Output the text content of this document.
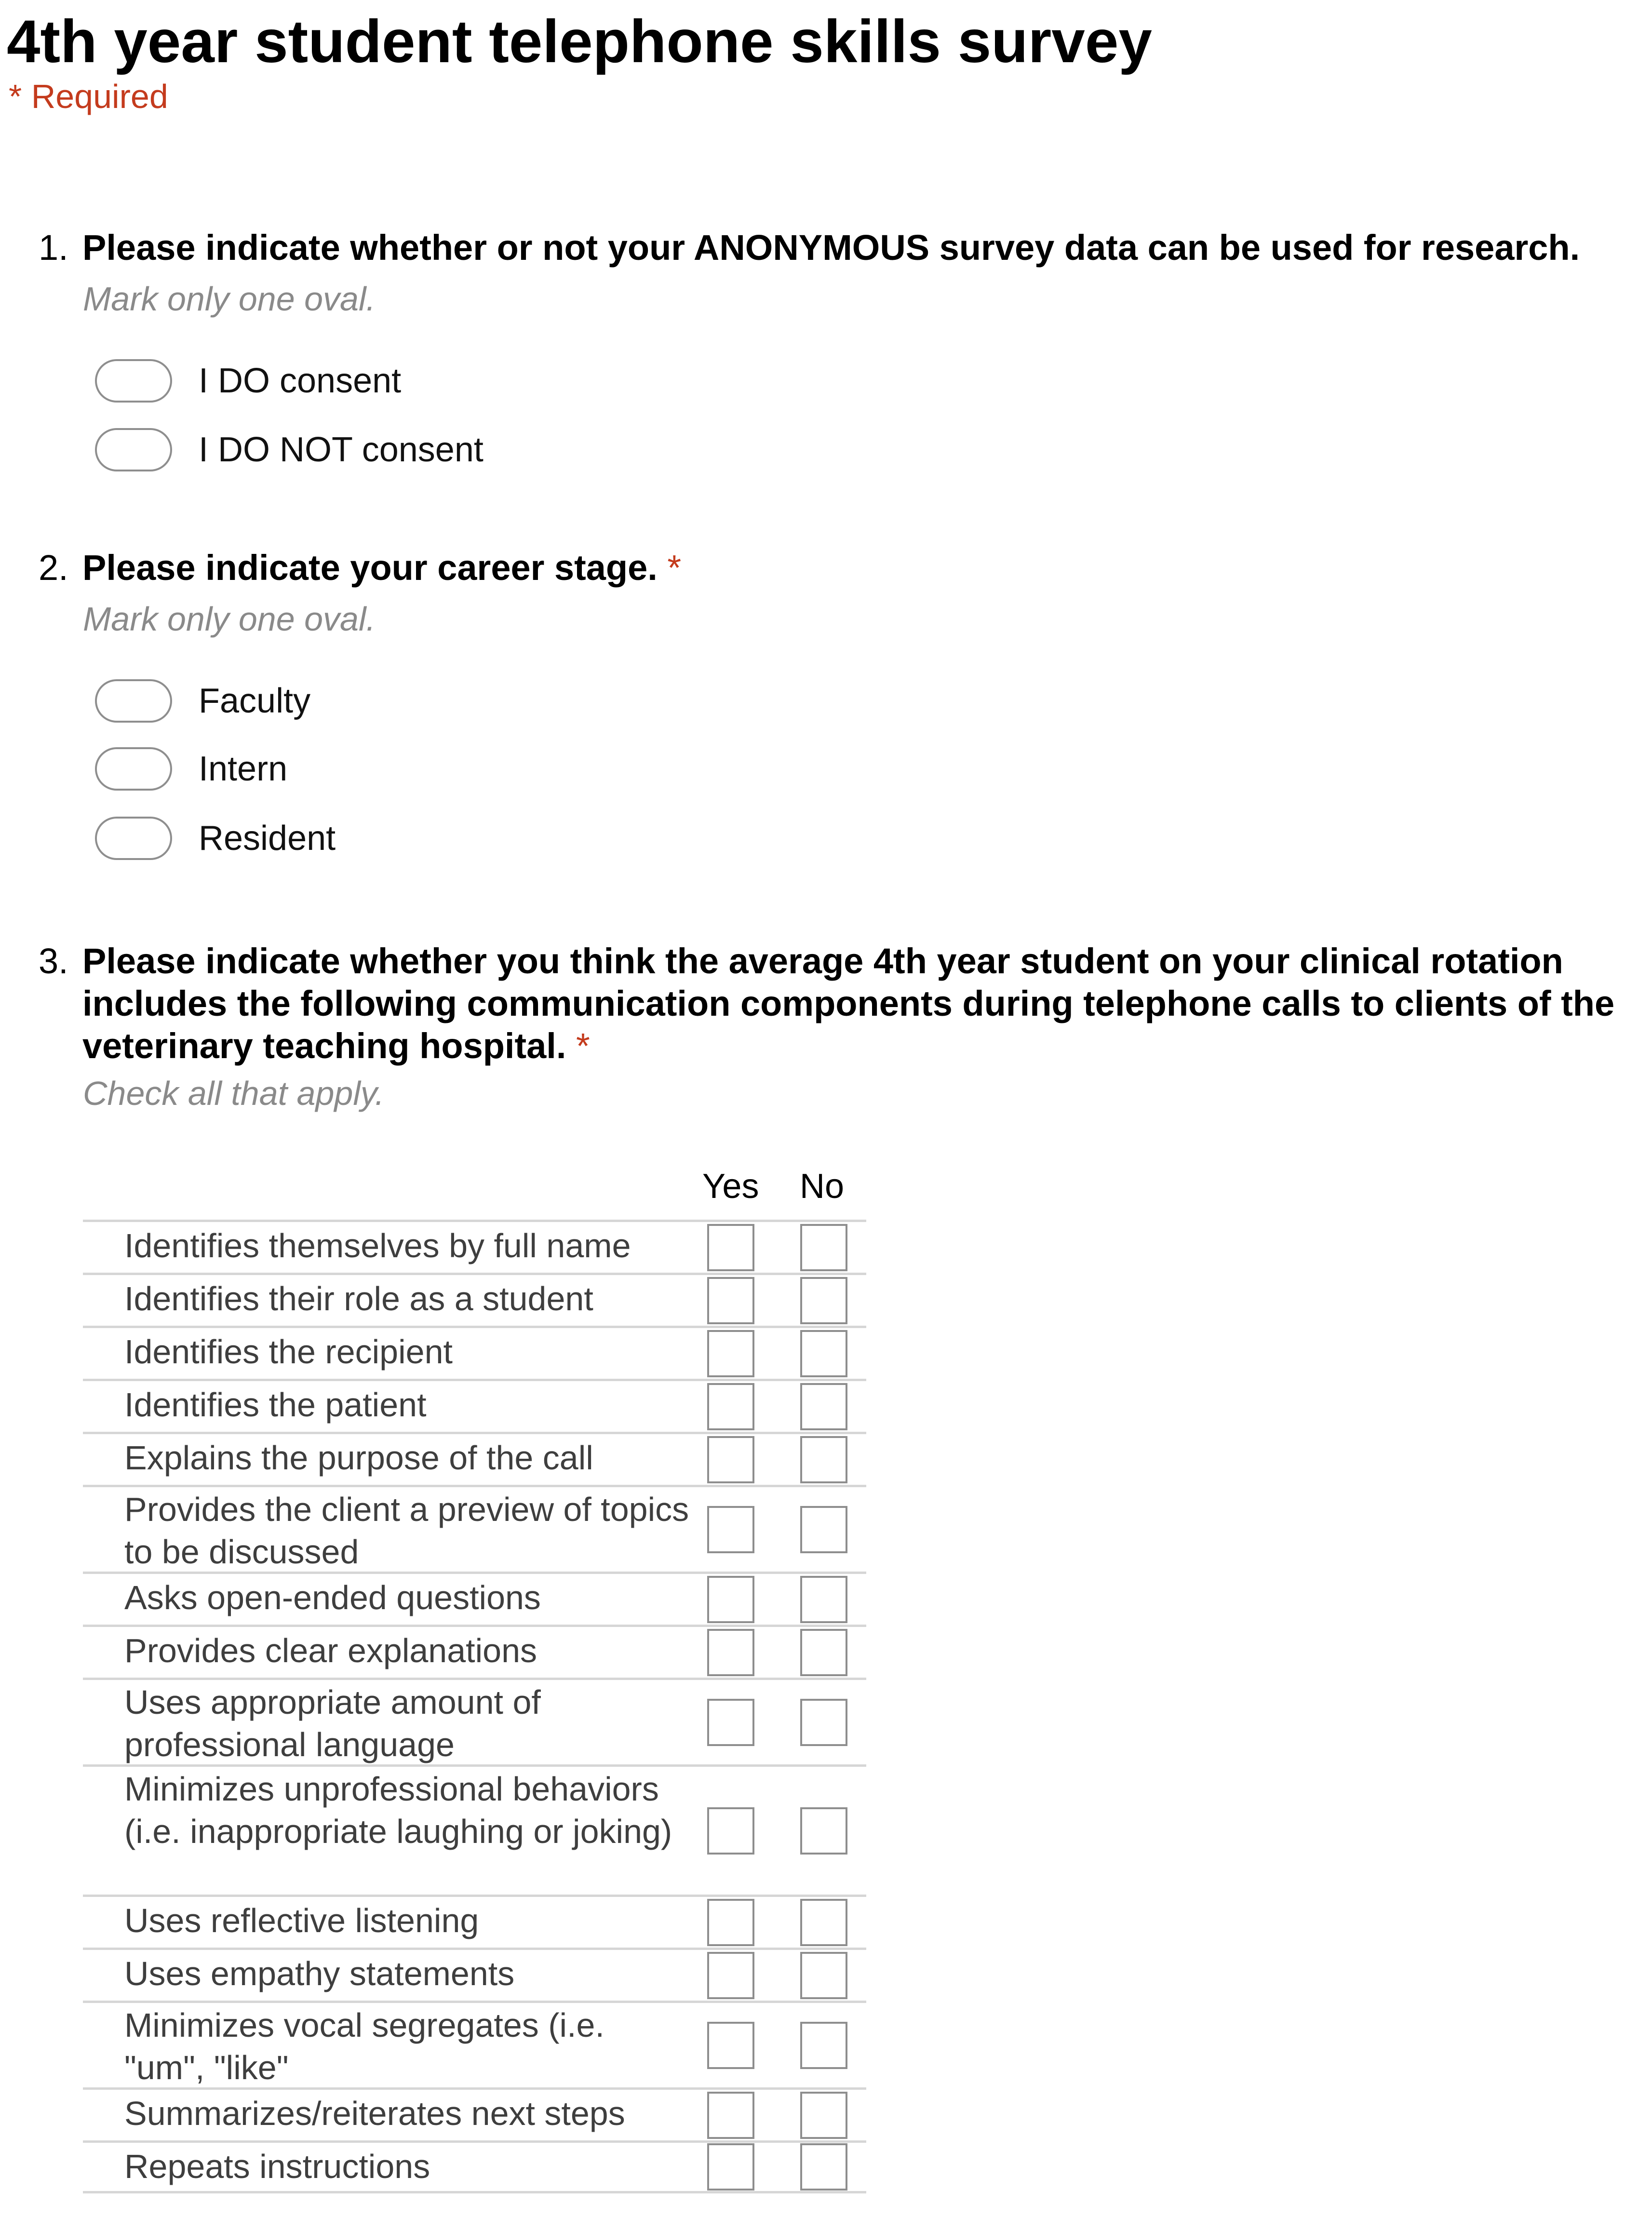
4th year student telephone skills survey
* Required
1. Please indicate whether or not your ANONYMOUS survey data can be used for research.
Mark only one oval.
I DO consent
I DO NOT consent
2. Please indicate your career stage. *
Mark only one oval.
Faculty
Intern
Resident
3. Please indicate whether you think the average 4th year student on your clinical rotation includes the following communication components during telephone calls to clients of the veterinary teaching hospital. *
Check all that apply.
Yes No
Identifies themselves by full name
Identifies their role as a student
Identifies the recipient
Identifies the patient
Explains the purpose of the call
Provides the client a preview of topics to be discussed
Asks open-ended questions
Provides clear explanations
Uses appropriate amount of professional language
Minimizes unprofessional behaviors (i.e. inappropriate laughing or joking)
Uses reflective listening
Uses empathy statements
Minimizes vocal segregates (i.e. "um", "like"
Summarizes/reiterates next steps
Repeats instructions
